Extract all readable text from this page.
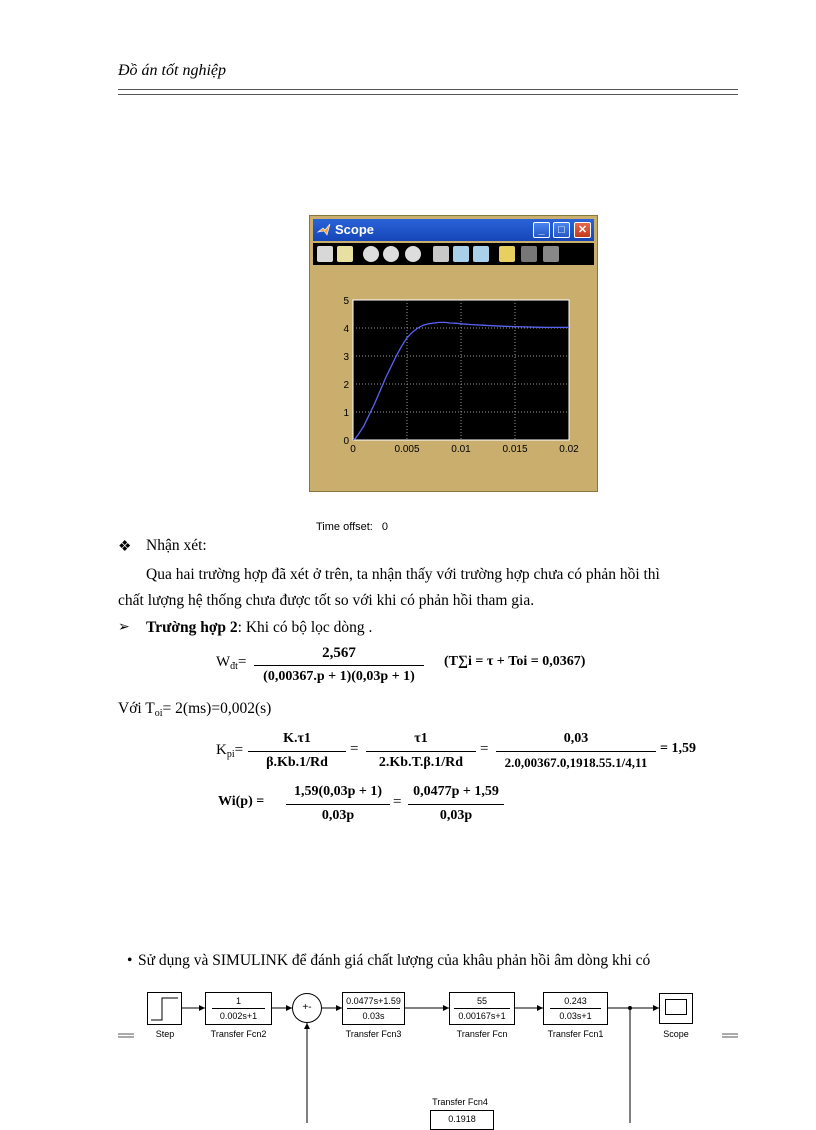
Đồ án tốt nghiệp
Scope	_	□	✕
0	0.005	0.01	0.015	0.02
0
1
2
3
4
5
Time offset: 0
❖ Nhận xét:
Qua hai trường hợp đã xét ở trên, ta nhận thấy với trường hợp chưa có phản hồi thì
chất lượng hệ thống chưa được tốt so với khi có phản hồi tham gia.
➢ Trường hợp 2: Khi có bộ lọc dòng .
$W_{đt}=$
2,567
(0,00367.p + 1)(0,03p + 1)
(T∑i = τ + Toi = 0,0367)
Với $T_{oi}= 2(ms)=0,002(s)$
$K_{pi}=$
K.τ1
β.Kb.1/Rd
=
τ1
2.Kb.T.β.1/Rd
=
0,03
2.0,00367.0,1918.55.1/4,11
= 1,59
Wi(p) =
1,59(0,03p + 1)
0,03p
=
0,0477p + 1,59
0,03p
• Sử dụng và SIMULINK để đánh giá chất lượng của khâu phản hồi âm dòng khi có
Step
1
0.002s+1
Transfer Fcn2
+-
0.0477s+1.59
0.03s
Transfer Fcn3
55
0.00167s+1
Transfer Fcn
0.243
0.03s+1
Transfer Fcn1	Scope
Transfer Fcn4
0.1918
